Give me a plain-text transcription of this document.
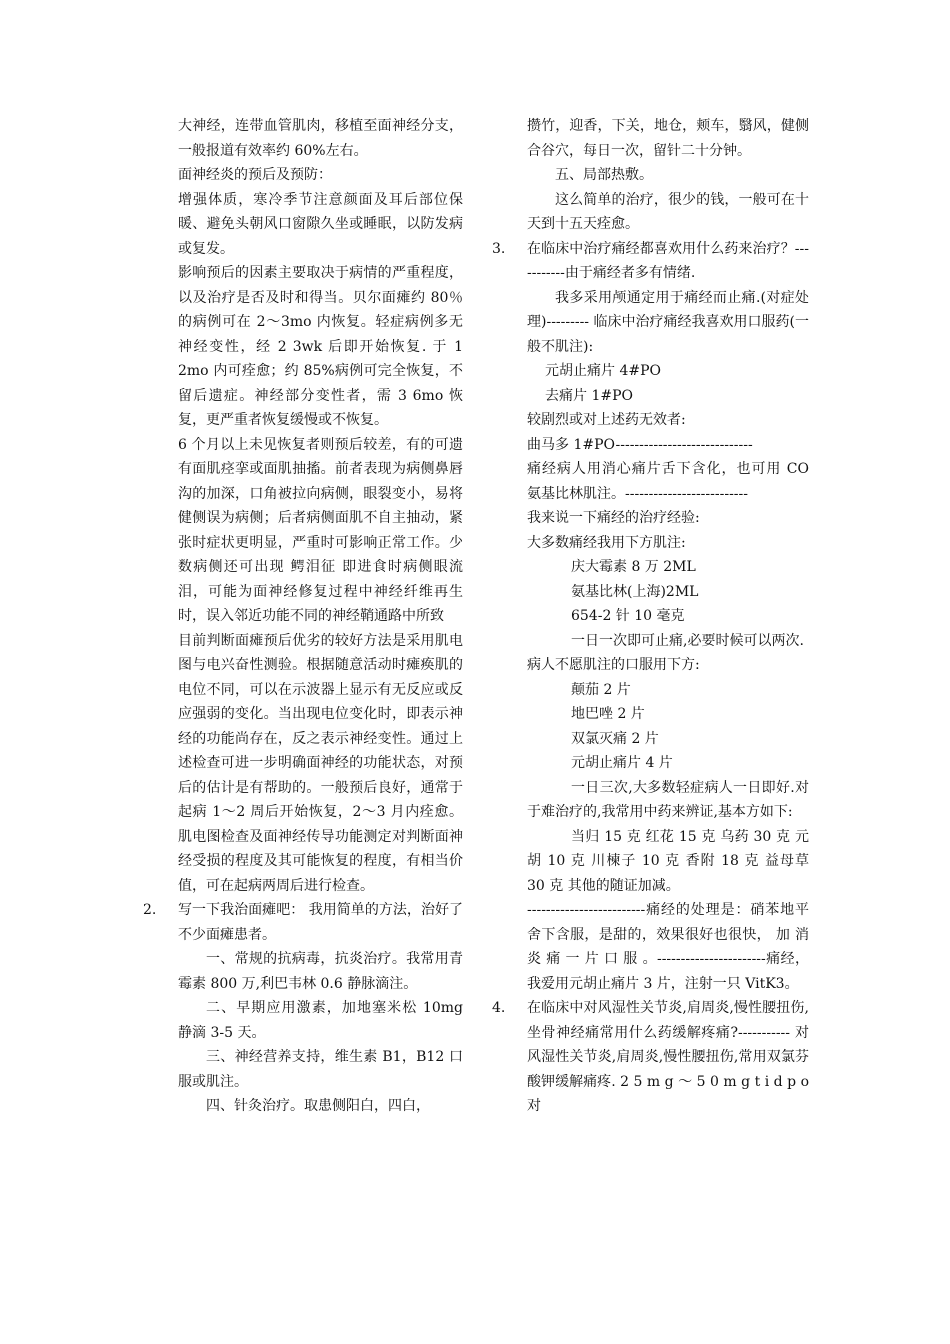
大神经，连带血管肌肉，移植至面神经分支，一般报道有效率约 60%左右。
面神经炎的预后及预防：
增强体质，寒冷季节注意颜面及耳后部位保暖、避免头朝风口窗隙久坐或睡眠，以防发病或复发。
影响预后的因素主要取决于病情的严重程度，以及治疗是否及时和得当。贝尔面瘫约 80％的病例可在 2～3mo 内恢复。轻症病例多无神经变性，经 2 3wk 后即开始恢复. 于 1 2mo 内可痊愈；约 85%病例可完全恢复，不留后遗症。神经部分变性者，需 3 6mo 恢复，更严重者恢复缓慢或不恢复。
6 个月以上未见恢复者则预后较差，有的可遗有面肌痉挛或面肌抽搐。前者表现为病侧鼻唇沟的加深，口角被拉向病侧，眼裂变小，易将健侧误为病侧；后者病侧面肌不自主抽动，紧张时症状更明显，严重时可影响正常工作。少数病侧还可出现 鳄泪征 即进食时病侧眼流泪，可能为面神经修复过程中神经纤维再生时，误入邻近功能不同的神经鞘通路中所致
目前判断面瘫预后优劣的较好方法是采用肌电图与电兴奋性测验。根据随意活动时瘫痪肌的电位不同，可以在示波器上显示有无反应或反应强弱的变化。当出现电位变化时，即表示神经的功能尚存在，反之表示神经变性。通过上述检查可进一步明确面神经的功能状态，对预后的估计是有帮助的。一般预后良好，通常于起病 1～2 周后开始恢复，2～3 月内痊愈。肌电图检查及面神经传导功能测定对判断面神经受损的程度及其可能恢复的程度，有相当价值，可在起病两周后进行检查。
2. 写一下我治面瘫吧： 我用简单的方法，治好了不少面瘫患者。
一、常规的抗病毒，抗炎治疗。我常用青霉素 800 万,利巴韦林 0.6 静脉滴注。
二、早期应用激素，加地塞米松 10mg 静滴 3-5 天。
三、神经营养支持，维生素 B1，B12 口服或肌注。
四、针灸治疗。取患侧阳白，四白，
攒竹，迎香，下关，地仓，颊车，翳风，健侧合谷穴，每日一次，留针二十分钟。
五、局部热敷。
这么简单的治疗，很少的钱，一般可在十天到十五天痊愈。
3. 在临床中治疗痛经都喜欢用什么药来治疗？-----------由于痛经者多有情绪.
我多采用颅通定用于痛经而止痛.(对症处理)--------- 临床中治疗痛经我喜欢用口服药(一般不肌注):
元胡止痛片 4#PO
去痛片 1#PO
较剧烈或对上述药无效者:
曲马多 1#PO-----------------------------
痛经病人用消心痛片舌下含化，也可用 CO 氨基比林肌注。--------------------------
我来说一下痛经的治疗经验:
大多数痛经我用下方肌注:
庆大霉素 8 万 2ML
氨基比林(上海)2ML
654-2 针 10 毫克
一日一次即可止痛,必要时候可以两次.
病人不愿肌注的口服用下方:
颠茄 2 片
地巴唑 2 片
双氯灭痛 2 片
元胡止痛片 4 片
一日三次,大多数轻症病人一日即好.对于难治疗的,我常用中药来辨证,基本方如下:
当归 15 克 红花 15 克 乌药 30 克 元胡 10 克 川楝子 10 克 香附 18 克 益母草 30 克 其他的随证加减。
-------------------------痛经的处理是：硝苯地平舍下含服，是甜的，效果很好也很快， 加 消 炎 痛 一 片 口 服 。-----------------------痛经，我爱用元胡止痛片 3 片，注射一只 VitK3。
4. 在临床中对风湿性关节炎,肩周炎,慢性腰扭伤,坐骨神经痛常用什么药缓解疼痛?----------- 对风湿性关节炎,肩周炎,慢性腰扭伤,常用双氯芬酸钾缓解痛疼. 2 5 m g ～ 5 0 m g t i d p o对
